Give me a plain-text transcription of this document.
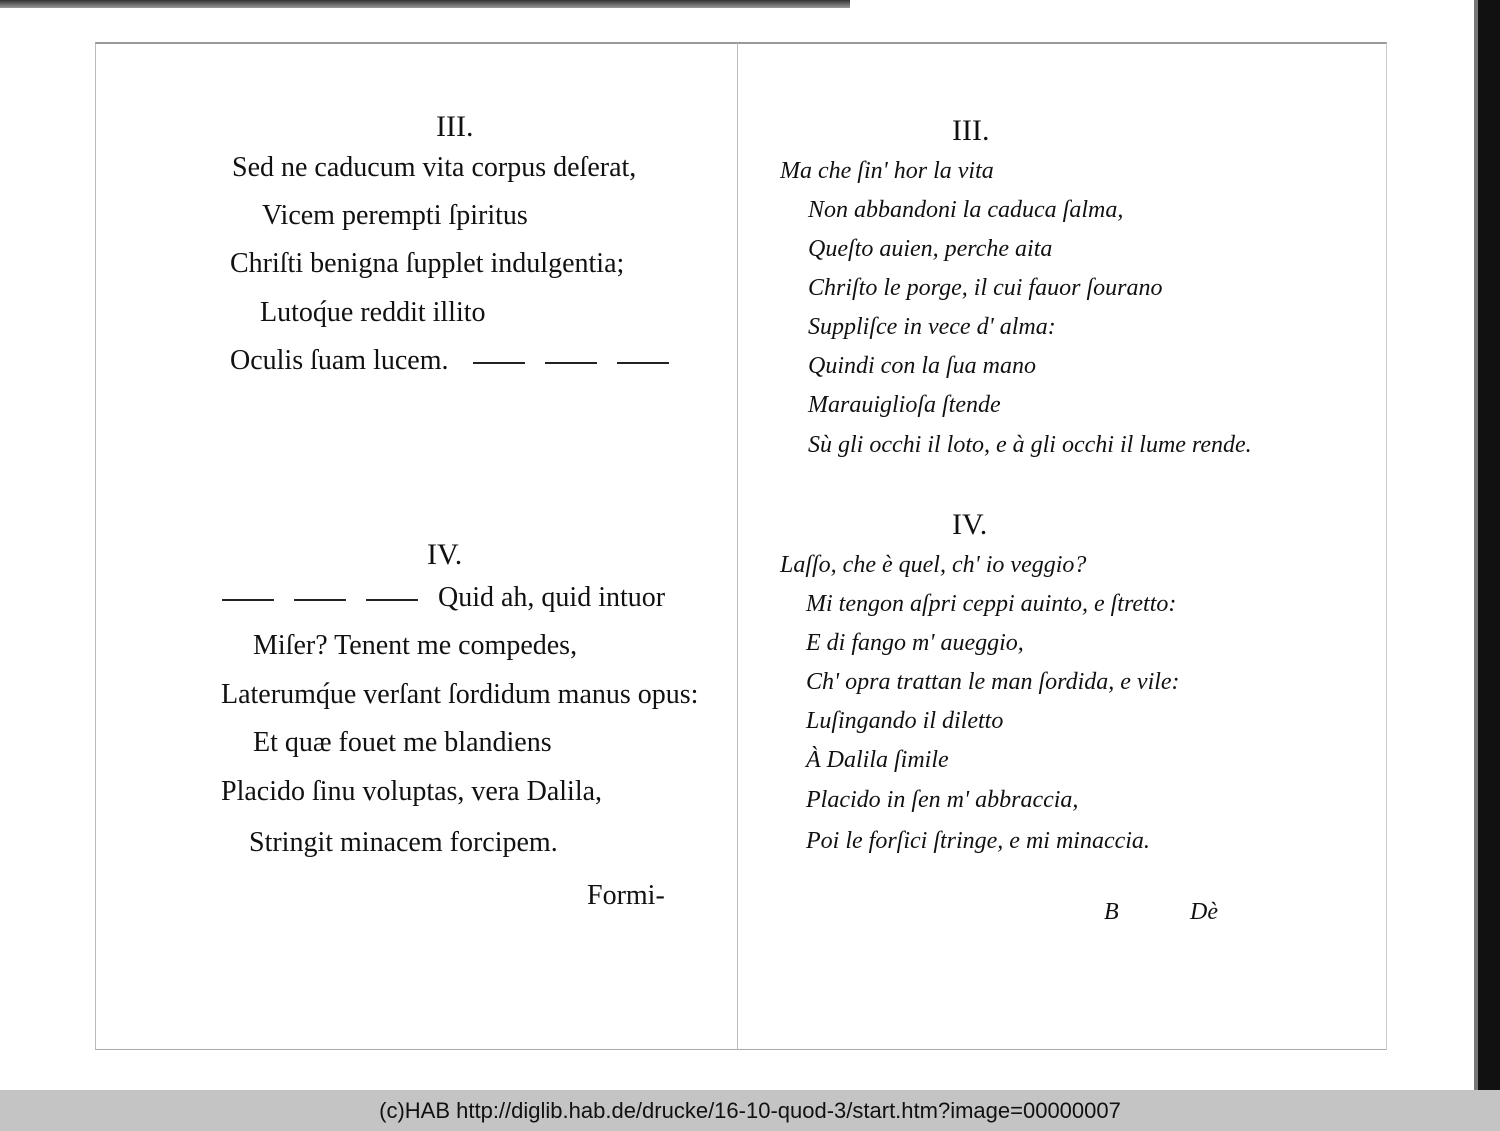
III.
Sed ne caducum vita corpus deſerat,
Vicem perempti ſpiritus
Chriſti benigna ſupplet indulgentia;
Lutoq́ue reddit illito
Oculis ſuam lucem.
IV.
Quid ah, quid intuor
Miſer? Tenent me compedes,
Laterumq́ue verſant ſordidum manus opus:
Et quæ fouet me blandiens
Placido ſinu voluptas, vera Dalila,
Stringit minacem forcipem.
Formi-
III.
Ma che ſin' hor la vita
Non abbandoni la caduca ſalma,
Queſto auien, perche aita
Chriſto le porge, il cui fauor ſourano
Suppliſce in vece d' alma:
Quindi con la ſua mano
Marauiglioſa ſtende
Sù gli occhi il loto, e à gli occhi il lume rende.
IV.
Laſſo, che è quel, ch' io veggio?
Mi tengon aſpri ceppi auinto, e ſtretto:
E di fango m' aueggio,
Ch' opra trattan le man ſordida, e vile:
Luſingando il diletto
À Dalila ſimile
Placido in ſen m' abbraccia,
Poi le forſici ſtringe, e mi minaccia.
B	Dè
(c)HAB http://diglib.hab.de/drucke/16-10-quod-3/start.htm?image=00000007
